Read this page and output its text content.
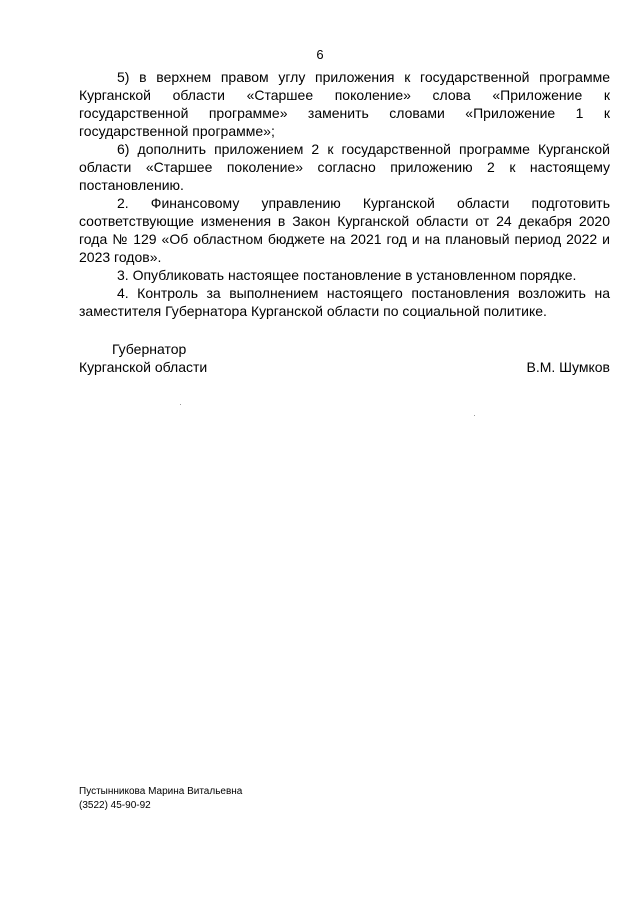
6

5) в верхнем правом углу приложения к государственной программе Курганской области «Старшее поколение» слова «Приложение к государственной программе» заменить словами «Приложение 1 к государственной программе»;

6) дополнить приложением 2 к государственной программе Курганской области «Старшее поколение» согласно приложению 2 к настоящему постановлению.

2. Финансовому управлению Курганской области подготовить соответствующие изменения в Закон Курганской области от 24 декабря 2020 года № 129 «Об областном бюджете на 2021 год и на плановый период 2022 и 2023 годов».

3. Опубликовать настоящее постановление в установленном порядке.

4. Контроль за выполнением настоящего постановления возложить на заместителя Губернатора Курганской области по социальной политике.

Губернатор
Курганской области	В.М. Шумков
Пустынникова Марина Витальевна
(3522) 45-90-92
